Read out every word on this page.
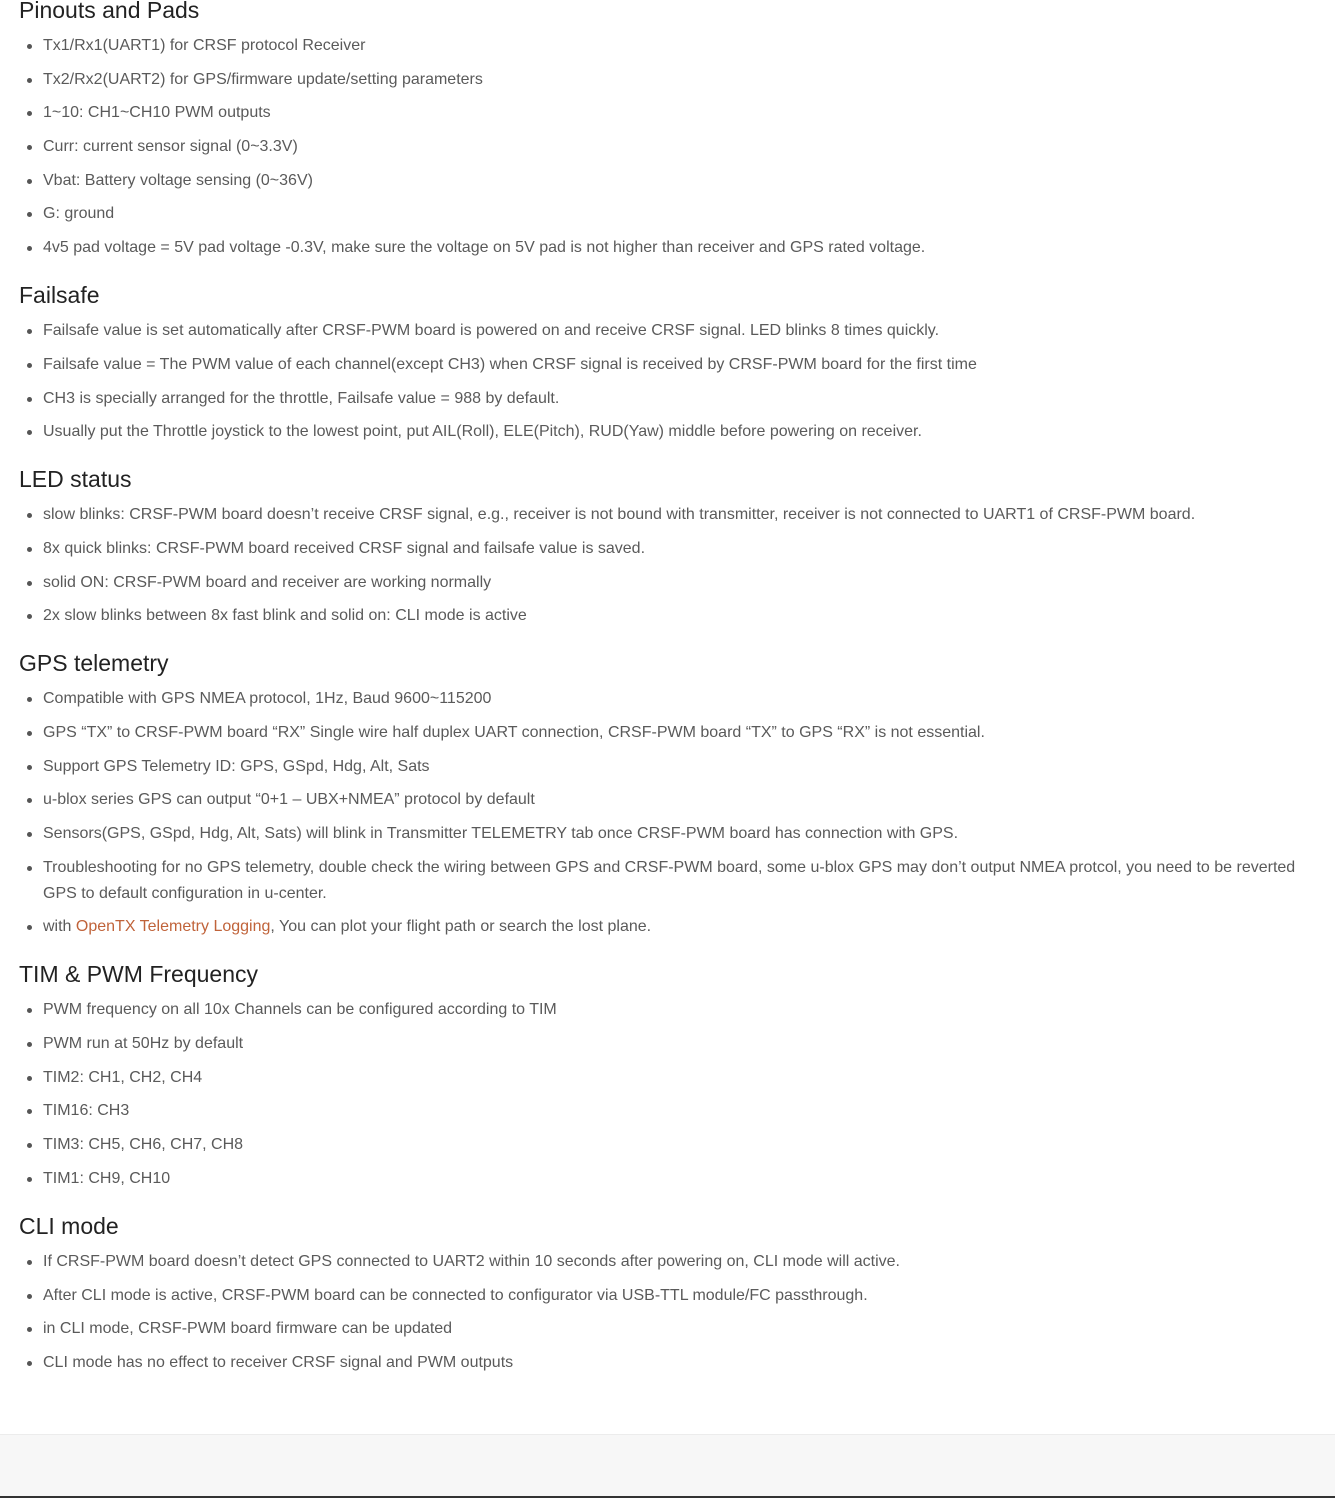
Pinouts and Pads
Tx1/Rx1(UART1) for CRSF protocol Receiver
Tx2/Rx2(UART2) for GPS/firmware update/setting parameters
1~10: CH1~CH10 PWM outputs
Curr: current sensor signal (0~3.3V)
Vbat: Battery voltage sensing (0~36V)
G: ground
4v5 pad voltage = 5V pad voltage -0.3V, make sure the voltage on 5V pad is not higher than receiver and GPS rated voltage.
Failsafe
Failsafe value is set automatically after CRSF-PWM board is powered on and receive CRSF signal. LED blinks 8 times quickly.
Failsafe value = The PWM value of each channel(except CH3) when CRSF signal is received by CRSF-PWM board for the first time
CH3 is specially arranged for the throttle, Failsafe value = 988 by default.
Usually put the Throttle joystick to the lowest point, put AIL(Roll), ELE(Pitch), RUD(Yaw) middle before powering on receiver.
LED status
slow blinks: CRSF-PWM board doesn’t receive CRSF signal, e.g., receiver is not bound with transmitter, receiver is not connected to UART1 of CRSF-PWM board.
8x quick blinks: CRSF-PWM board received CRSF signal and failsafe value is saved.
solid ON: CRSF-PWM board and receiver are working normally
2x slow blinks between 8x fast blink and solid on: CLI mode is active
GPS telemetry
Compatible with GPS NMEA protocol, 1Hz, Baud 9600~115200
GPS “TX” to CRSF-PWM board “RX” Single wire half duplex UART connection, CRSF-PWM board “TX” to GPS “RX” is not essential.
Support GPS Telemetry ID: GPS, GSpd, Hdg, Alt, Sats
u-blox series GPS can output “0+1 – UBX+NMEA” protocol by default
Sensors(GPS, GSpd, Hdg, Alt, Sats) will blink in Transmitter TELEMETRY tab once CRSF-PWM board has connection with GPS.
Troubleshooting for no GPS telemetry, double check the wiring between GPS and CRSF-PWM board, some u-blox GPS may don’t output NMEA protcol, you need to be reverted GPS to default configuration in u-center.
with OpenTX Telemetry Logging, You can plot your flight path or search the lost plane.
TIM & PWM Frequency
PWM frequency on all 10x Channels can be configured according to TIM
PWM run at 50Hz by default
TIM2: CH1, CH2, CH4
TIM16: CH3
TIM3: CH5, CH6, CH7, CH8
TIM1: CH9, CH10
CLI mode
If CRSF-PWM board doesn’t detect GPS connected to UART2 within 10 seconds after powering on, CLI mode will active.
After CLI mode is active, CRSF-PWM board can be connected to configurator via USB-TTL module/FC passthrough.
in CLI mode, CRSF-PWM board firmware can be updated
CLI mode has no effect to receiver CRSF signal and PWM outputs
